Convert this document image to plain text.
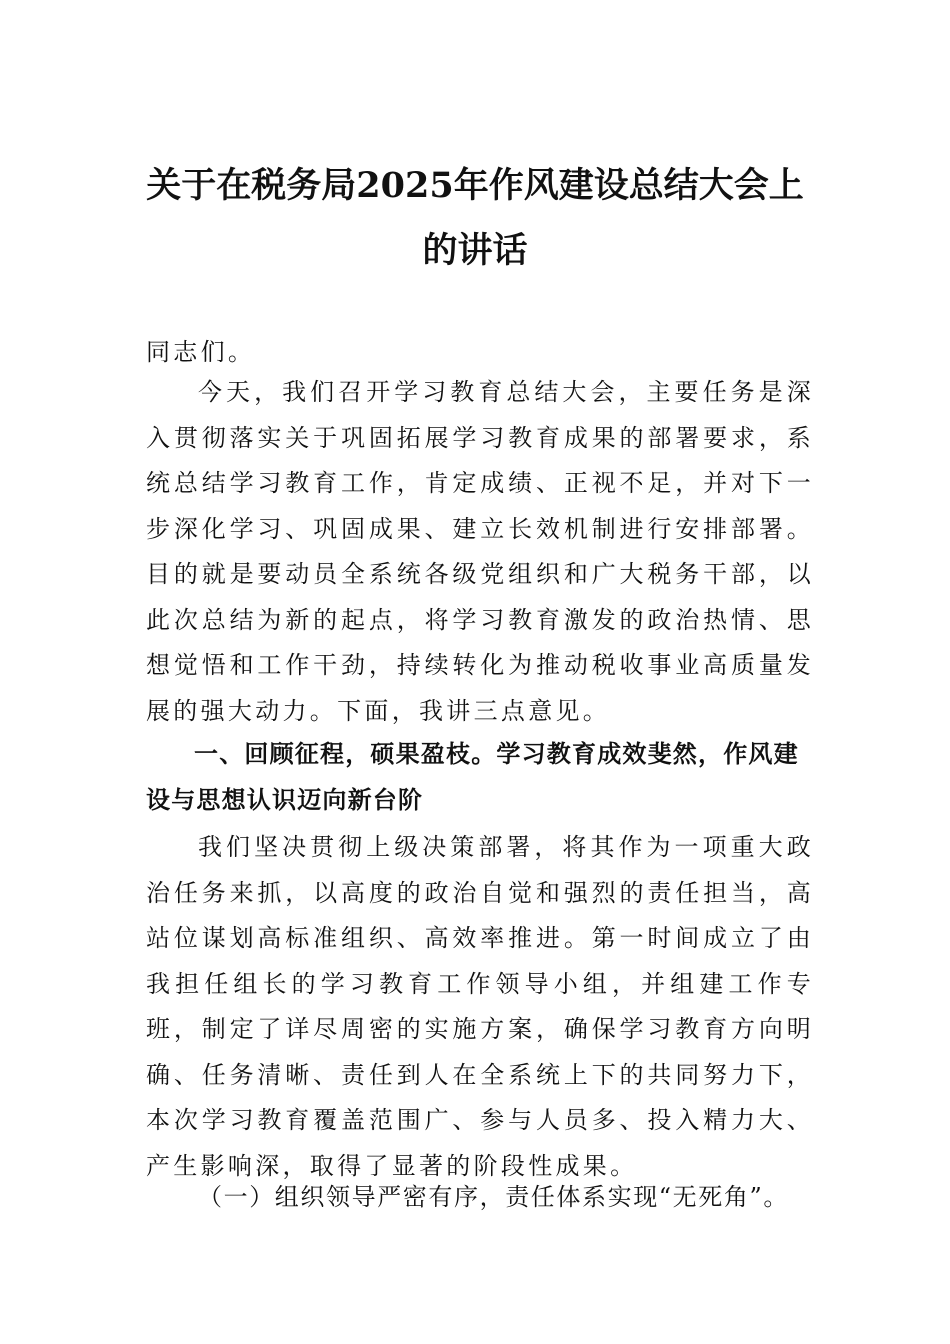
关于在税务局2025年作风建设总结大会上
的讲话
同志们。

今天，我们召开学习教育总结大会，主要任务是深入贯彻落实关于巩固拓展学习教育成果的部署要求，系统总结学习教育工作，肯定成绩、正视不足，并对下一步深化学习、巩固成果、建立长效机制进行安排部署。目的就是要动员全系统各级党组织和广大税务干部，以此次总结为新的起点，将学习教育激发的政治热情、思想觉悟和工作干劲，持续转化为推动税收事业高质量发展的强大动力。下面，我讲三点意见。

一、回顾征程，硕果盈枝。学习教育成效斐然，作风建设与思想认识迈向新台阶

我们坚决贯彻上级决策部署，将其作为一项重大政治任务来抓，以高度的政治自觉和强烈的责任担当，高站位谋划高标准组织、高效率推进。第一时间成立了由我担任组长的学习教育工作领导小组，并组建工作专班，制定了详尽周密的实施方案，确保学习教育方向明确、任务清晰、责任到人在全系统上下的共同努力下，本次学习教育覆盖范围广、参与人员多、投入精力大、产生影响深，取得了显著的阶段性成果。

（一）组织领导严密有序，责任体系实现“无死角”。
